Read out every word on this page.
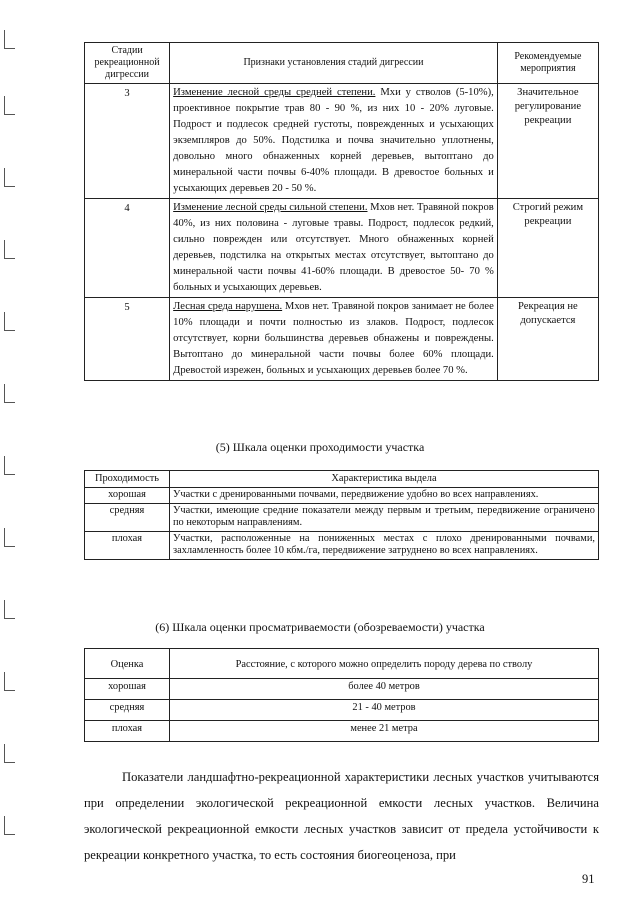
Стадии рекреационной дигрессии	Признаки установления стадий дигрессии	Рекомендуемые мероприятия
3	Изменение лесной среды средней степени. Мхи у стволов (5-10%), проективное покрытие трав 80 - 90 %, из них 10 - 20% луговые. Подрост и подлесок средней густоты, поврежденных и усыхающих экземпляров до 50%. Подстилка и почва значительно уплотнены, довольно много обнаженных корней деревьев, вытоптано до минеральной части почвы 6-40% площади. В древостое больных и усыхающих деревьев 20 - 50 %.	Значительное регулирование рекреации
4	Изменение лесной среды сильной степени. Мхов нет. Травяной покров 40%, из них половина - луговые травы. Подрост, подлесок редкий, сильно поврежден или отсутствует. Много обнаженных корней деревьев, подстилка на открытых местах отсутствует, вытоптано до минеральной части почвы 41-60% площади. В древостое 50- 70 % больных и усыхающих деревьев.	Строгий режим рекреации
5	Лесная среда нарушена. Мхов нет. Травяной покров занимает не более 10% площади и почти полностью из злаков. Подрост, подлесок отсутствует, корни большинства деревьев обнажены и повреждены. Вытоптано до минеральной части почвы более 60% площади. Древостой изрежен, больных и усыхающих деревьев более 70 %.	Рекреация не допускается
(5) Шкала оценки проходимости участка
Проходимость	Характеристика выдела
хорошая	Участки с дренированными почвами, передвижение удобно во всех направлениях.
средняя	Участки, имеющие средние показатели между первым и третьим, передвижение ограничено по некоторым направлениям.
плохая	Участки, расположенные на пониженных местах с плохо дренированными почвами, захламленность более 10 кбм./га, передвижение затруднено во всех направлениях.
(6) Шкала оценки просматриваемости (обозреваемости) участка
Оценка	Расстояние, с которого можно определить породу дерева по стволу
хорошая	более 40 метров
средняя	21 - 40 метров
плохая	менее 21 метра
Показатели ландшафтно-рекреационной характеристики лесных участков учитываются при определении экологической рекреационной емкости лесных участков. Величина экологической рекреационной емкости лесных участков зависит от предела устойчивости к рекреации конкретного участка, то есть состояния биогеоценоза, при
91
